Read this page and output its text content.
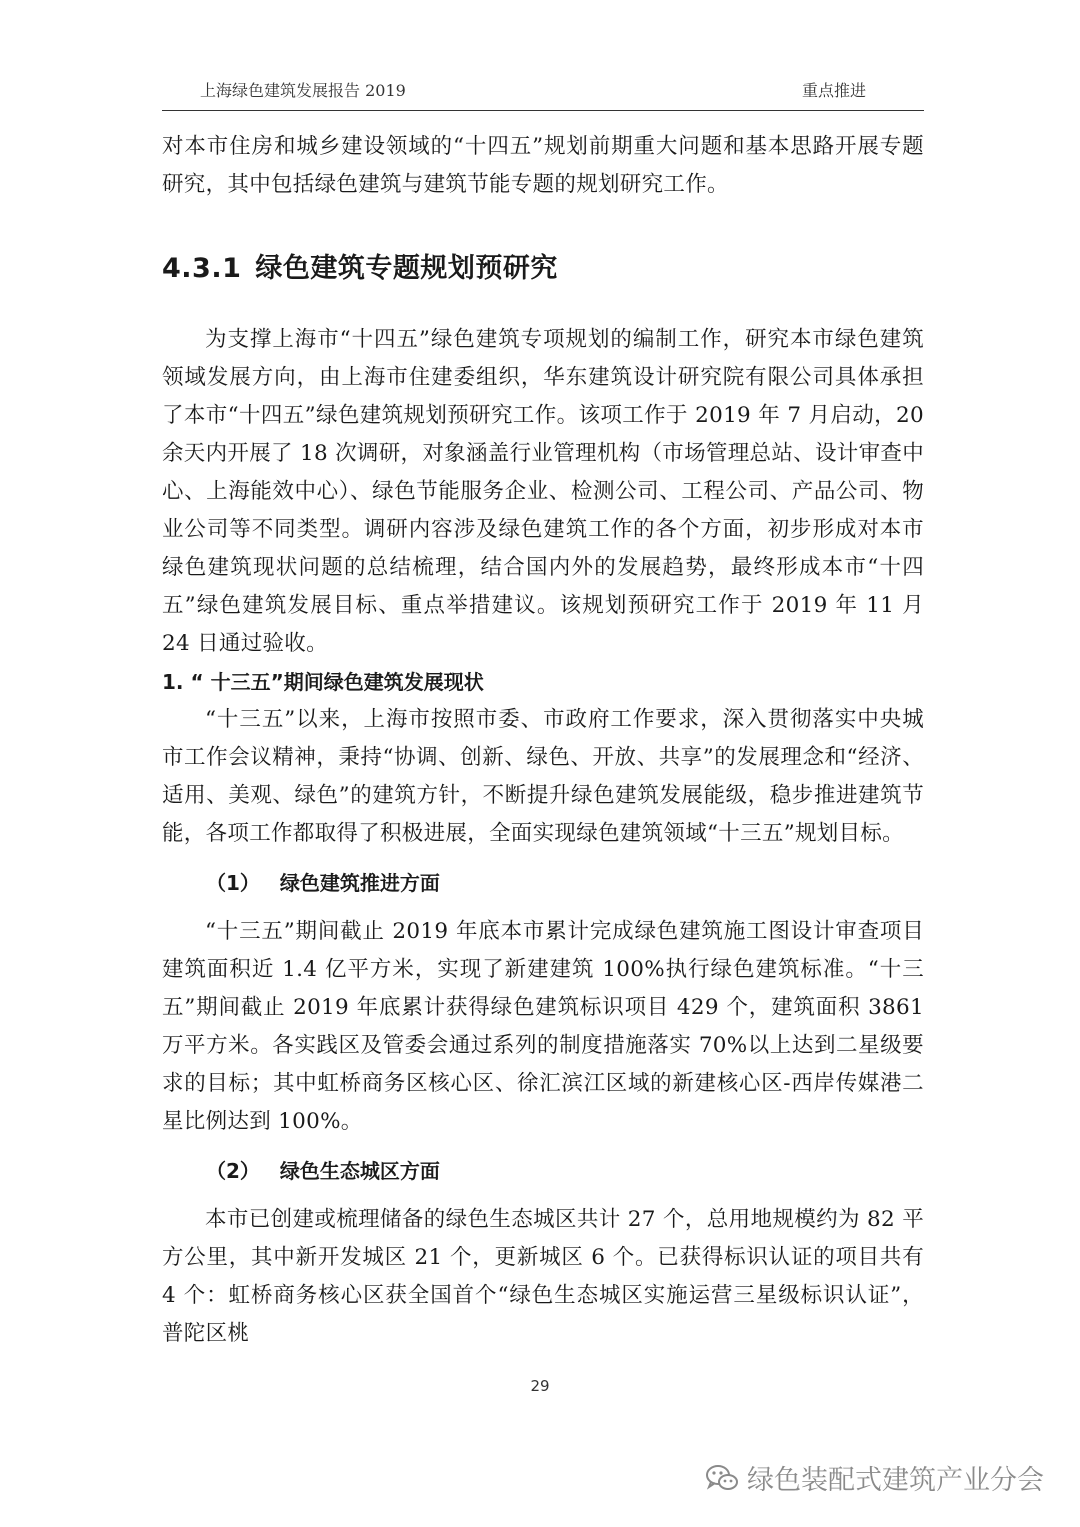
上海绿色建筑发展报告 2019	重点推进

对本市住房和城乡建设领域的“十四五”规划前期重大问题和基本思路开展专题研究，其中包括绿色建筑与建筑节能专题的规划研究工作。

4.3.1 绿色建筑专题规划预研究

为支撑上海市“十四五”绿色建筑专项规划的编制工作，研究本市绿色建筑领域发展方向，由上海市住建委组织，华东建筑设计研究院有限公司具体承担了本市“十四五”绿色建筑规划预研究工作。该项工作于 2019 年 7 月启动，20 余天内开展了 18 次调研，对象涵盖行业管理机构（市场管理总站、设计审查中心、上海能效中心）、绿色节能服务企业、检测公司、工程公司、产品公司、物业公司等不同类型。调研内容涉及绿色建筑工作的各个方面，初步形成对本市绿色建筑现状问题的总结梳理，结合国内外的发展趋势，最终形成本市“十四五”绿色建筑发展目标、重点举措建议。该规划预研究工作于 2019 年 11 月 24 日通过验收。

1. “ 十三五”期间绿色建筑发展现状

“十三五”以来，上海市按照市委、市政府工作要求，深入贯彻落实中央城市工作会议精神，秉持“协调、创新、绿色、开放、共享”的发展理念和“经济、适用、美观、绿色”的建筑方针，不断提升绿色建筑发展能级，稳步推进建筑节能，各项工作都取得了积极进展，全面实现绿色建筑领域“十三五”规划目标。

（1） 绿色建筑推进方面

“十三五”期间截止 2019 年底本市累计完成绿色建筑施工图设计审查项目建筑面积近 1.4 亿平方米，实现了新建建筑 100%执行绿色建筑标准。“十三五”期间截止 2019 年底累计获得绿色建筑标识项目 429 个，建筑面积 3861 万平方米。各实践区及管委会通过系列的制度措施落实 70%以上达到二星级要求的目标；其中虹桥商务区核心区、徐汇滨江区域的新建核心区-西岸传媒港二星比例达到 100%。

（2） 绿色生态城区方面

本市已创建或梳理储备的绿色生态城区共计 27 个，总用地规模约为 82 平方公里，其中新开发城区 21 个，更新城区 6 个。已获得标识认证的项目共有 4 个：虹桥商务核心区获全国首个“绿色生态城区实施运营三星级标识认证”，普陀区桃

29
绿色装配式建筑产业分会
